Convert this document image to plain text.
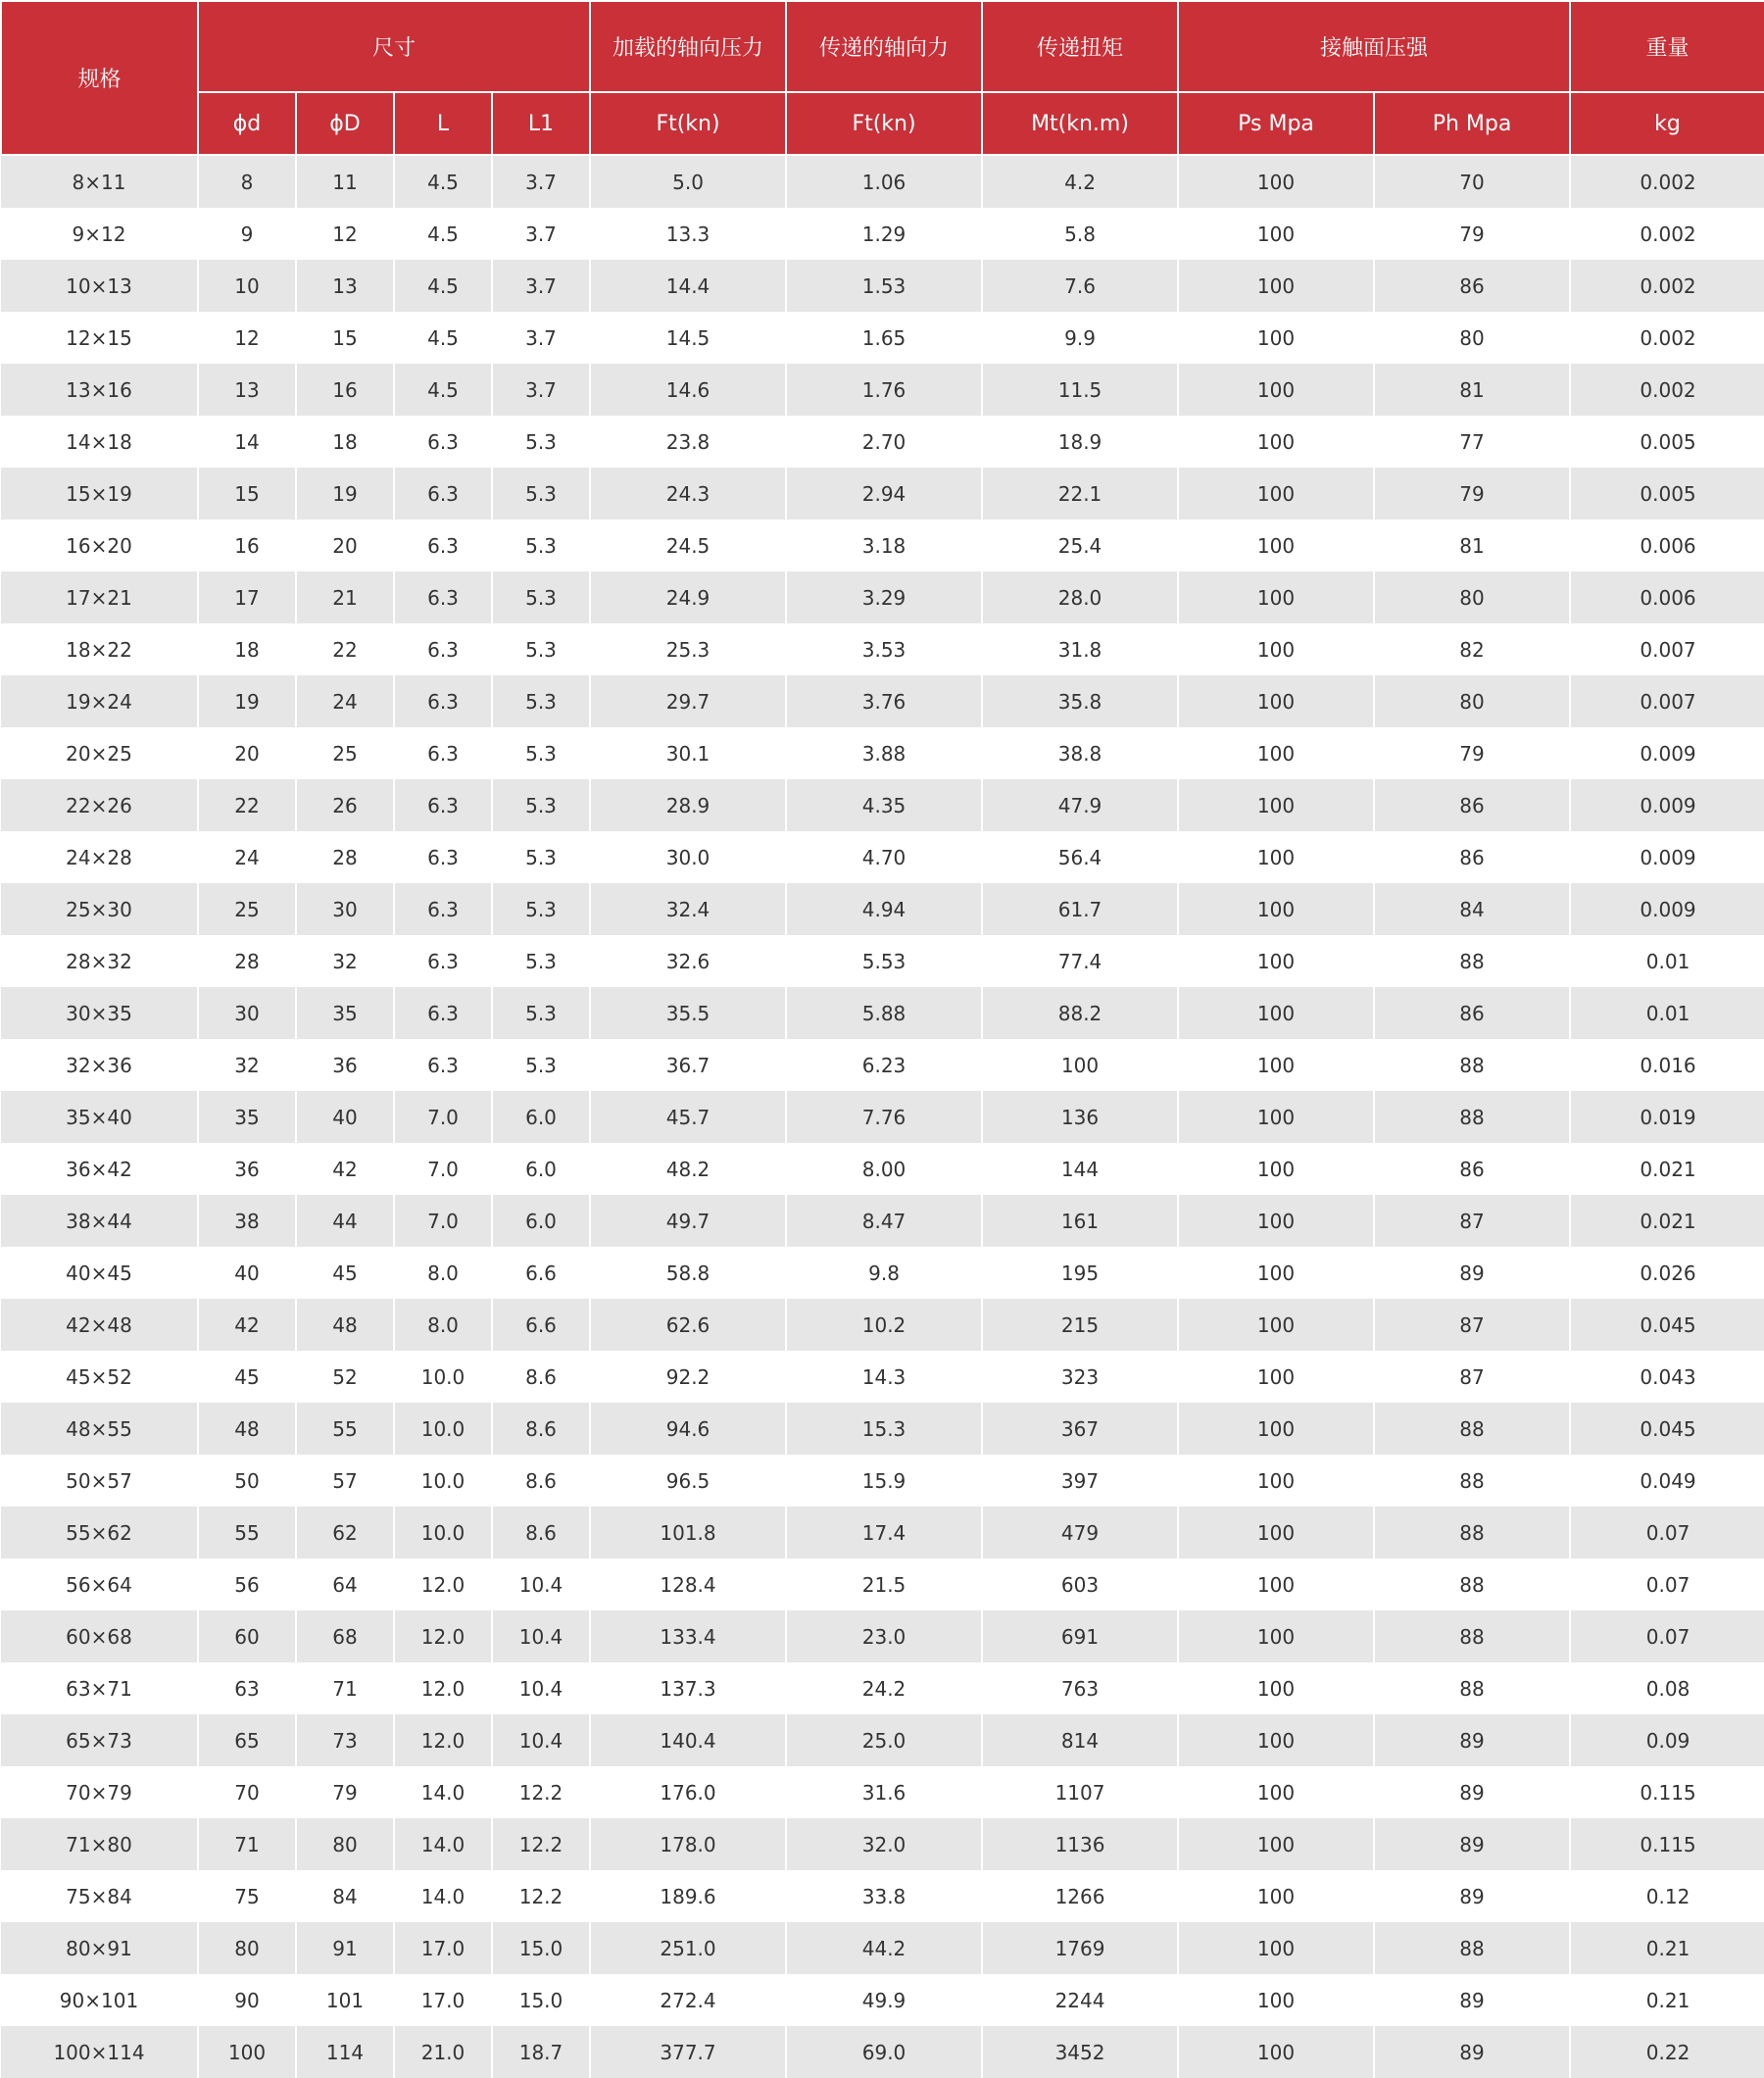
规格	尺寸				加载的轴向压力	传递的轴向力	传递扭矩	接触面压强		重量
	ϕd	ϕD	L	L1	Ft(kn)	Ft(kn)	Mt(kn.m)	Ps Mpa	Ph Mpa	kg
8×11	8	11	4.5	3.7	5.0	1.06	4.2	100	70	0.002
9×12	9	12	4.5	3.7	13.3	1.29	5.8	100	79	0.002
10×13	10	13	4.5	3.7	14.4	1.53	7.6	100	86	0.002
12×15	12	15	4.5	3.7	14.5	1.65	9.9	100	80	0.002
13×16	13	16	4.5	3.7	14.6	1.76	11.5	100	81	0.002
14×18	14	18	6.3	5.3	23.8	2.70	18.9	100	77	0.005
15×19	15	19	6.3	5.3	24.3	2.94	22.1	100	79	0.005
16×20	16	20	6.3	5.3	24.5	3.18	25.4	100	81	0.006
17×21	17	21	6.3	5.3	24.9	3.29	28.0	100	80	0.006
18×22	18	22	6.3	5.3	25.3	3.53	31.8	100	82	0.007
19×24	19	24	6.3	5.3	29.7	3.76	35.8	100	80	0.007
20×25	20	25	6.3	5.3	30.1	3.88	38.8	100	79	0.009
22×26	22	26	6.3	5.3	28.9	4.35	47.9	100	86	0.009
24×28	24	28	6.3	5.3	30.0	4.70	56.4	100	86	0.009
25×30	25	30	6.3	5.3	32.4	4.94	61.7	100	84	0.009
28×32	28	32	6.3	5.3	32.6	5.53	77.4	100	88	0.01
30×35	30	35	6.3	5.3	35.5	5.88	88.2	100	86	0.01
32×36	32	36	6.3	5.3	36.7	6.23	100	100	88	0.016
35×40	35	40	7.0	6.0	45.7	7.76	136	100	88	0.019
36×42	36	42	7.0	6.0	48.2	8.00	144	100	86	0.021
38×44	38	44	7.0	6.0	49.7	8.47	161	100	87	0.021
40×45	40	45	8.0	6.6	58.8	9.8	195	100	89	0.026
42×48	42	48	8.0	6.6	62.6	10.2	215	100	87	0.045
45×52	45	52	10.0	8.6	92.2	14.3	323	100	87	0.043
48×55	48	55	10.0	8.6	94.6	15.3	367	100	88	0.045
50×57	50	57	10.0	8.6	96.5	15.9	397	100	88	0.049
55×62	55	62	10.0	8.6	101.8	17.4	479	100	88	0.07
56×64	56	64	12.0	10.4	128.4	21.5	603	100	88	0.07
60×68	60	68	12.0	10.4	133.4	23.0	691	100	88	0.07
63×71	63	71	12.0	10.4	137.3	24.2	763	100	88	0.08
65×73	65	73	12.0	10.4	140.4	25.0	814	100	89	0.09
70×79	70	79	14.0	12.2	176.0	31.6	1107	100	89	0.115
71×80	71	80	14.0	12.2	178.0	32.0	1136	100	89	0.115
75×84	75	84	14.0	12.2	189.6	33.8	1266	100	89	0.12
80×91	80	91	17.0	15.0	251.0	44.2	1769	100	88	0.21
90×101	90	101	17.0	15.0	272.4	49.9	2244	100	89	0.21
100×114	100	114	21.0	18.7	377.7	69.0	3452	100	89	0.22
